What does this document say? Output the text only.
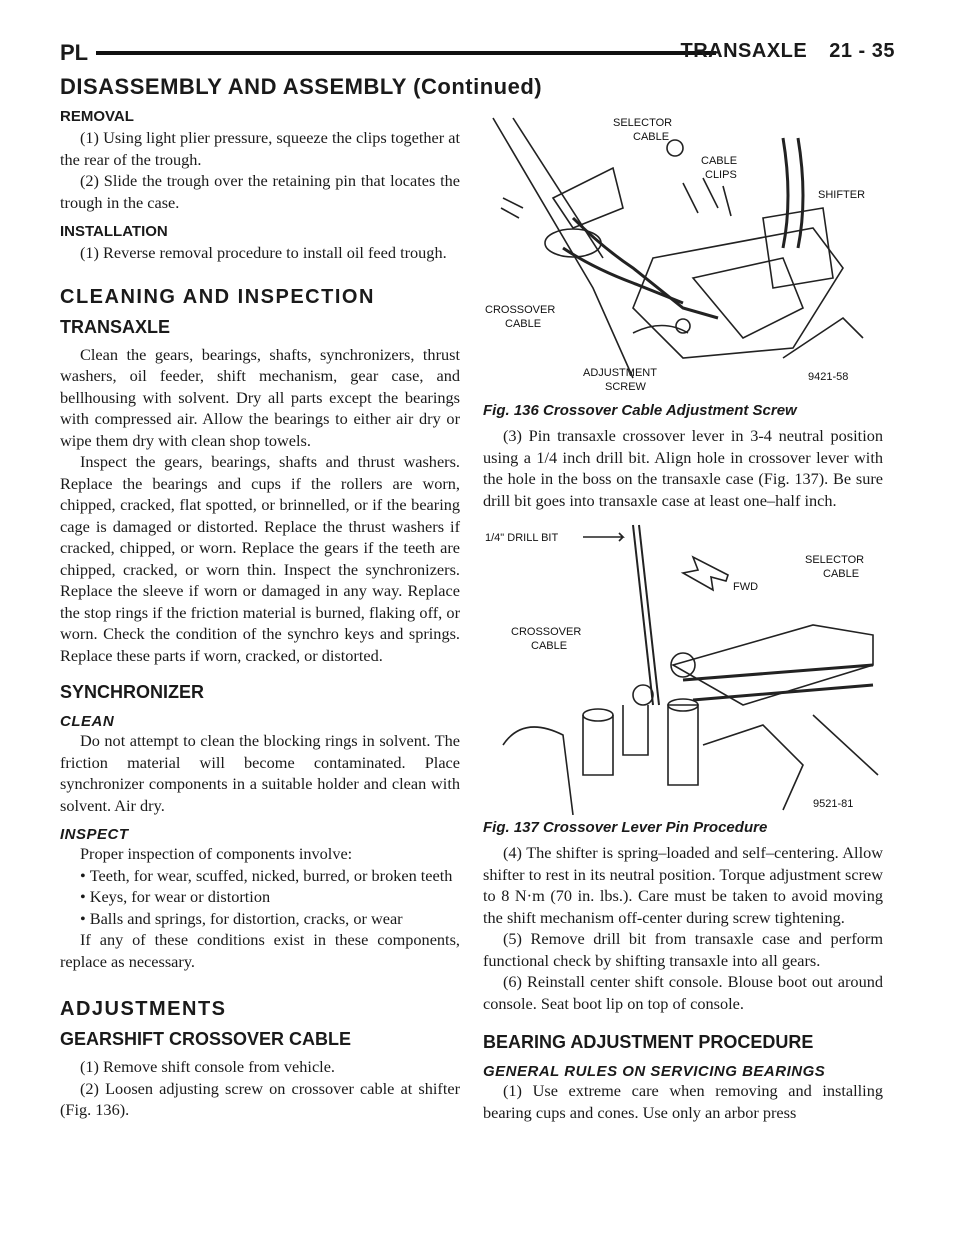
PL	TRANSAXLE 21 - 35
DISASSEMBLY AND ASSEMBLY (Continued)
REMOVAL

(1) Using light plier pressure, squeeze the clips together at the rear of the trough.

(2) Slide the trough over the retaining pin that locates the trough in the case.

INSTALLATION

(1) Reverse removal procedure to install oil feed trough.

CLEANING AND INSPECTION
TRANSAXLE

Clean the gears, bearings, shafts, synchronizers, thrust washers, oil feeder, shift mechanism, gear case, and bellhousing with solvent. Dry all parts except the bearings with compressed air. Allow the bearings to either air dry or wipe them dry with clean shop towels.

Inspect the gears, bearings, shafts and thrust washers. Replace the bearings and cups if the rollers are worn, chipped, cracked, flat spotted, or brinnelled, or if the bearing cage is damaged or distorted. Replace the thrust washers if cracked, chipped, or worn. Replace the gears if the teeth are chipped, cracked, or worn thin. Inspect the synchronizers. Replace the sleeve if worn or damaged in any way. Replace the stop rings if the friction material is burned, flaking off, or worn. Check the condition of the synchro keys and springs. Replace these parts if worn, cracked, or distorted.

SYNCHRONIZER
CLEAN

Do not attempt to clean the blocking rings in solvent. The friction material will become contaminated. Place synchronizer components in a suitable holder and clean with solvent. Air dry.

INSPECT

Proper inspection of components involve:

• Teeth, for wear, scuffed, nicked, burred, or broken teeth

• Keys, for wear or distortion

• Balls and springs, for distortion, cracks, or wear

If any of these conditions exist in these components, replace as necessary.

ADJUSTMENTS
GEARSHIFT CROSSOVER CABLE

(1) Remove shift console from vehicle.

(2) Loosen adjusting screw on crossover cable at shifter (Fig. 136).

SELECTOR
CABLE
CABLE
CLIPS
SHIFTER
CROSSOVER
CABLE
ADJUSTMENT
SCREW
9421-58
Fig. 136 Crossover Cable Adjustment Screw

(3) Pin transaxle crossover lever in 3-4 neutral position using a 1/4 inch drill bit. Align hole in crossover lever with the hole in the boss on the transaxle case (Fig. 137). Be sure drill bit goes into transaxle case at least one–half inch.

1/4" DRILL BIT
FWD
SELECTOR
CABLE
CROSSOVER
CABLE
9521-81
Fig. 137 Crossover Lever Pin Procedure

(4) The shifter is spring–loaded and self–centering. Allow shifter to rest in its neutral position. Torque adjustment screw to 8 N·m (70 in. lbs.). Care must be taken to avoid moving the shift mechanism off-center during screw tightening.

(5) Remove drill bit from transaxle case and perform functional check by shifting transaxle into all gears.

(6) Reinstall center shift console. Blouse boot out around console. Seat boot lip on top of console.

BEARING ADJUSTMENT PROCEDURE
GENERAL RULES ON SERVICING BEARINGS

(1) Use extreme care when removing and installing bearing cups and cones. Use only an arbor press
